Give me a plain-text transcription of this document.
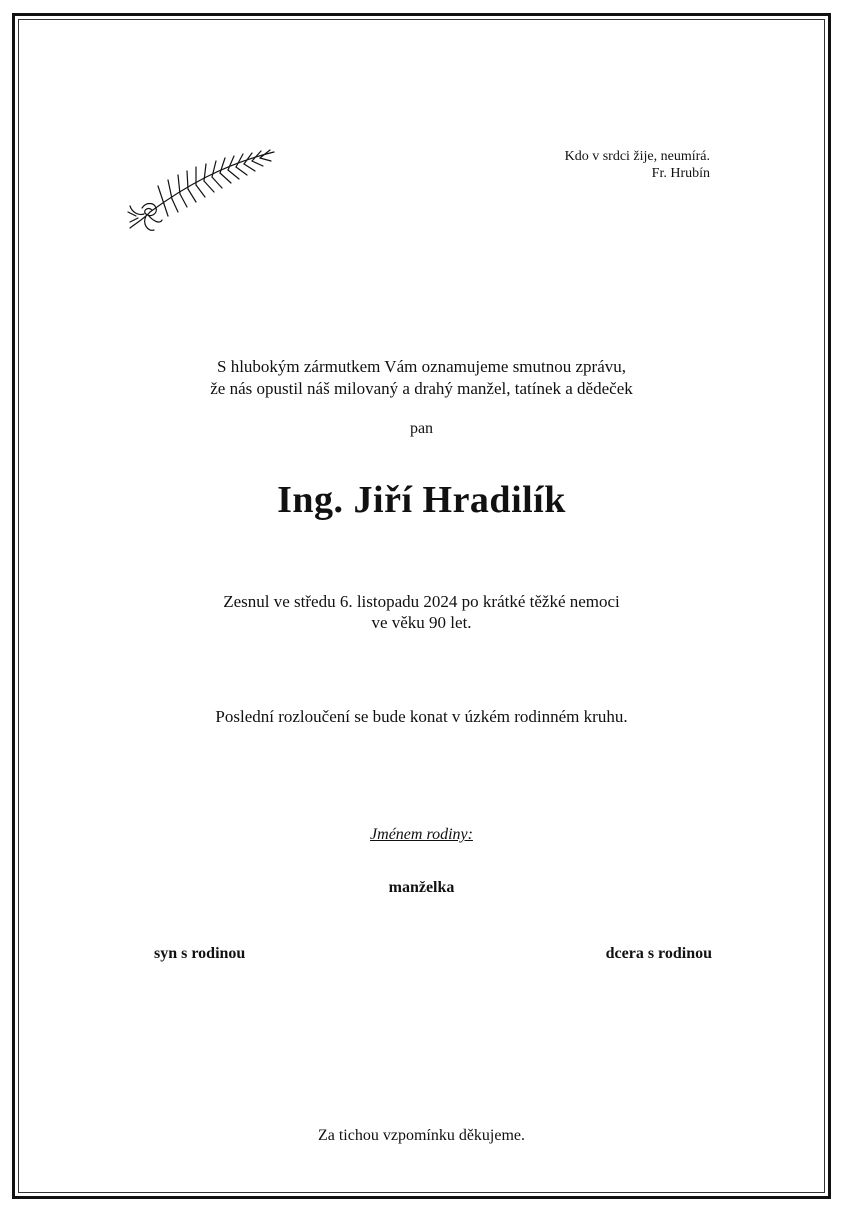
Kdo v srdci žije, neumírá.
Fr. Hrubín
S hlubokým zármutkem Vám oznamujeme smutnou zprávu,
že nás opustil náš milovaný a drahý manžel, tatínek a dědeček
pan
Ing. Jiří Hradilík
Zesnul ve středu 6. listopadu 2024 po krátké těžké nemoci
ve věku 90 let.
Poslední rozloučení se bude konat v úzkém rodinném kruhu.
Jménem rodiny:
manželka
syn s rodinou	dcera s rodinou
Za tichou vzpomínku děkujeme.
